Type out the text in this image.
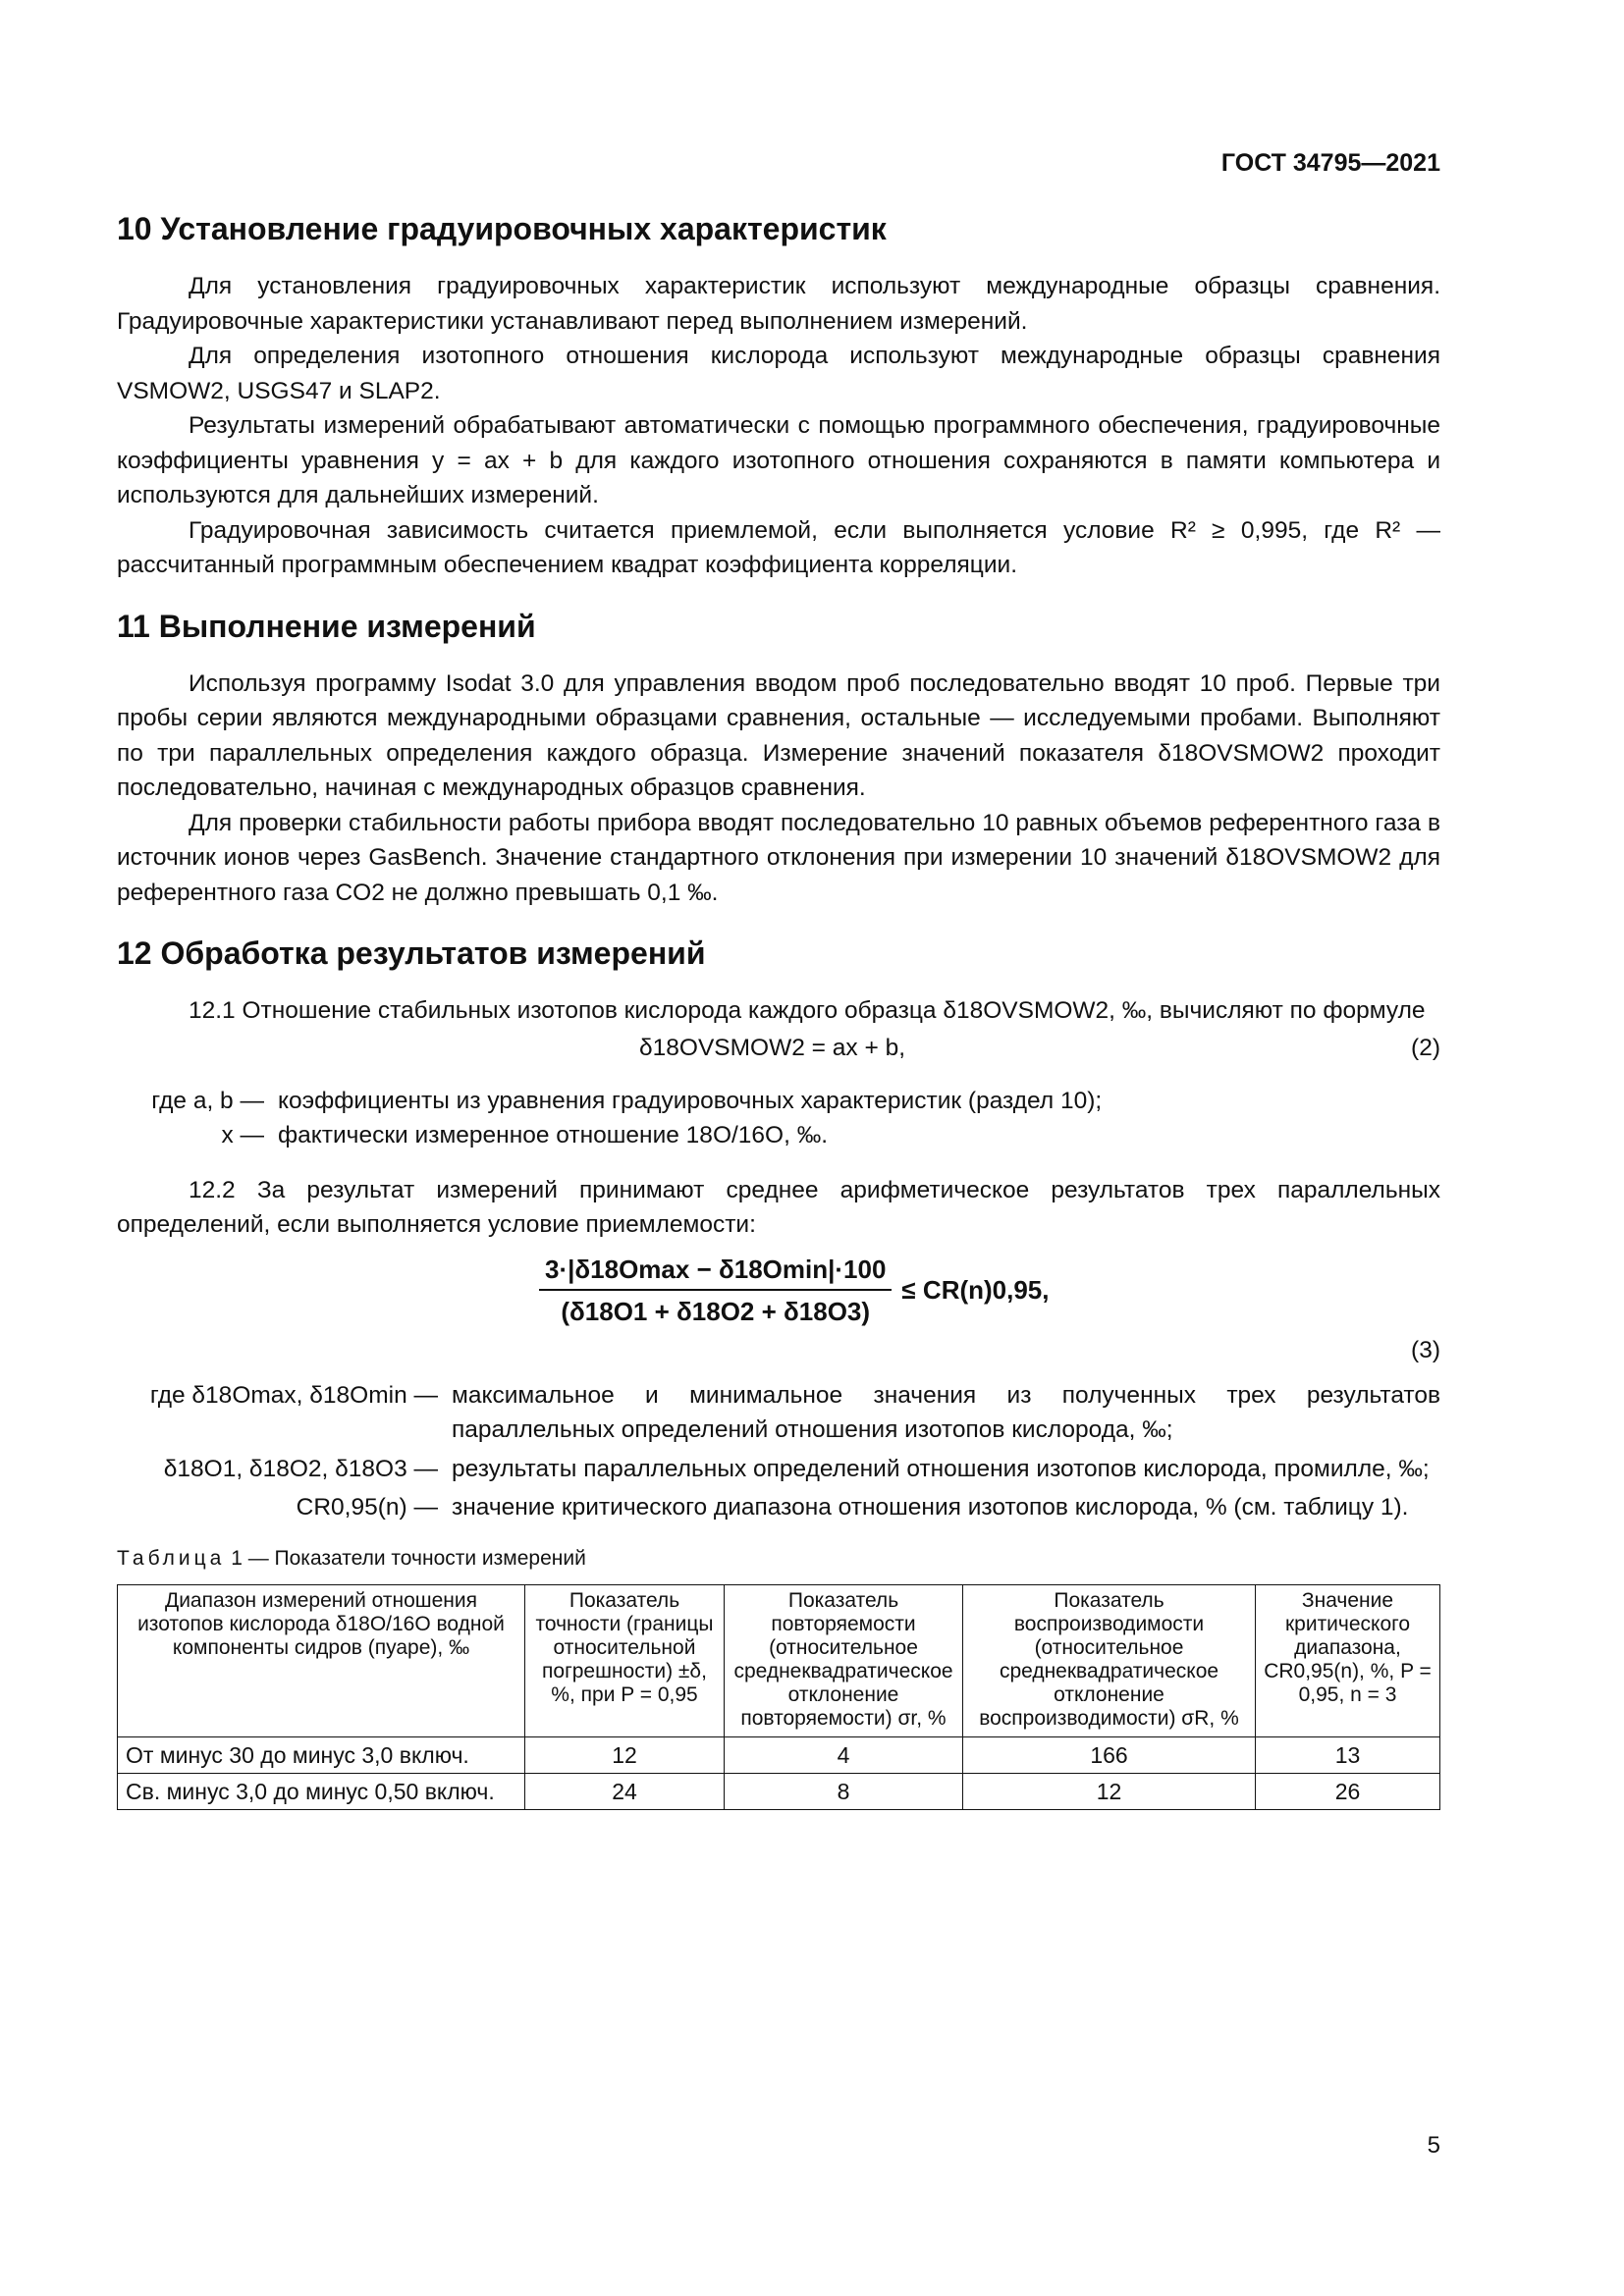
ГОСТ 34795—2021
10 Установление градуировочных характеристик

Для установления градуировочных характеристик используют международные образцы сравнения. Градуировочные характеристики устанавливают перед выполнением измерений.

Для определения изотопного отношения кислорода используют международные образцы сравнения VSMOW2, USGS47 и SLAP2.

Результаты измерений обрабатывают автоматически с помощью программного обеспечения, градуировочные коэффициенты уравнения y = ax + b для каждого изотопного отношения сохраняются в памяти компьютера и используются для дальнейших измерений.

Градуировочная зависимость считается приемлемой, если выполняется условие R² ≥ 0,995, где R² — рассчитанный программным обеспечением квадрат коэффициента корреляции.

11 Выполнение измерений

Используя программу Isodat 3.0 для управления вводом проб последовательно вводят 10 проб. Первые три пробы серии являются международными образцами сравнения, остальные — исследуемыми пробами. Выполняют по три параллельных определения каждого образца. Измерение значений показателя δ18OVSMOW2 проходит последовательно, начиная с международных образцов сравнения.

Для проверки стабильности работы прибора вводят последовательно 10 равных объемов референтного газа в источник ионов через GasBench. Значение стандартного отклонения при измерении 10 значений δ18OVSMOW2 для референтного газа CO2 не должно превышать 0,1 ‰.

12 Обработка результатов измерений

12.1 Отношение стабильных изотопов кислорода каждого образца δ18OVSMOW2, ‰, вычисляют по формуле

δ18OVSMOW2 = ax + b,	(2)
где a, b — коэффициенты из уравнения градуировочных характеристик (раздел 10);
x — фактически измеренное отношение 18O/16O, ‰.

12.2 За результат измерений принимают среднее арифметическое результатов трех параллельных определений, если выполняется условие приемлемости:

$\frac{3\cdot|\delta 18Omax - \delta 18Omin|\cdot 100}{(\delta 18O1 + \delta 18O2 + \delta 18O3)} \le CR(n)0,95$,
(3)
где δ18Omax, δ18Omin — максимальное и минимальное значения из полученных трех результатов параллельных определений отношения изотопов кислорода, ‰;
δ18O1, δ18O2, δ18O3 — результаты параллельных определений отношения изотопов кислорода, промилле, ‰;
CR0,95(n) — значение критического диапазона отношения изотопов кислорода, % (см. таблицу 1).
Таблица 1 — Показатели точности измерений
Диапазон измерений отношения изотопов кислорода δ18O/16O водной компоненты сидров (пуаре), ‰	Показатель точности (границы относительной погрешности) ±δ, %, при P = 0,95	Показатель повторяемости (относительное среднеквадратическое отклонение повторяемости) σr, %	Показатель воспроизводимости (относительное среднеквадратическое отклонение воспроизводимости) σR, %	Значение критического диапазона, CR0,95(n), %, P = 0,95, n = 3
От минус 30 до минус 3,0 включ.	12	4	166	13
Св. минус 3,0 до минус 0,50 включ.	24	8	12	26
5
